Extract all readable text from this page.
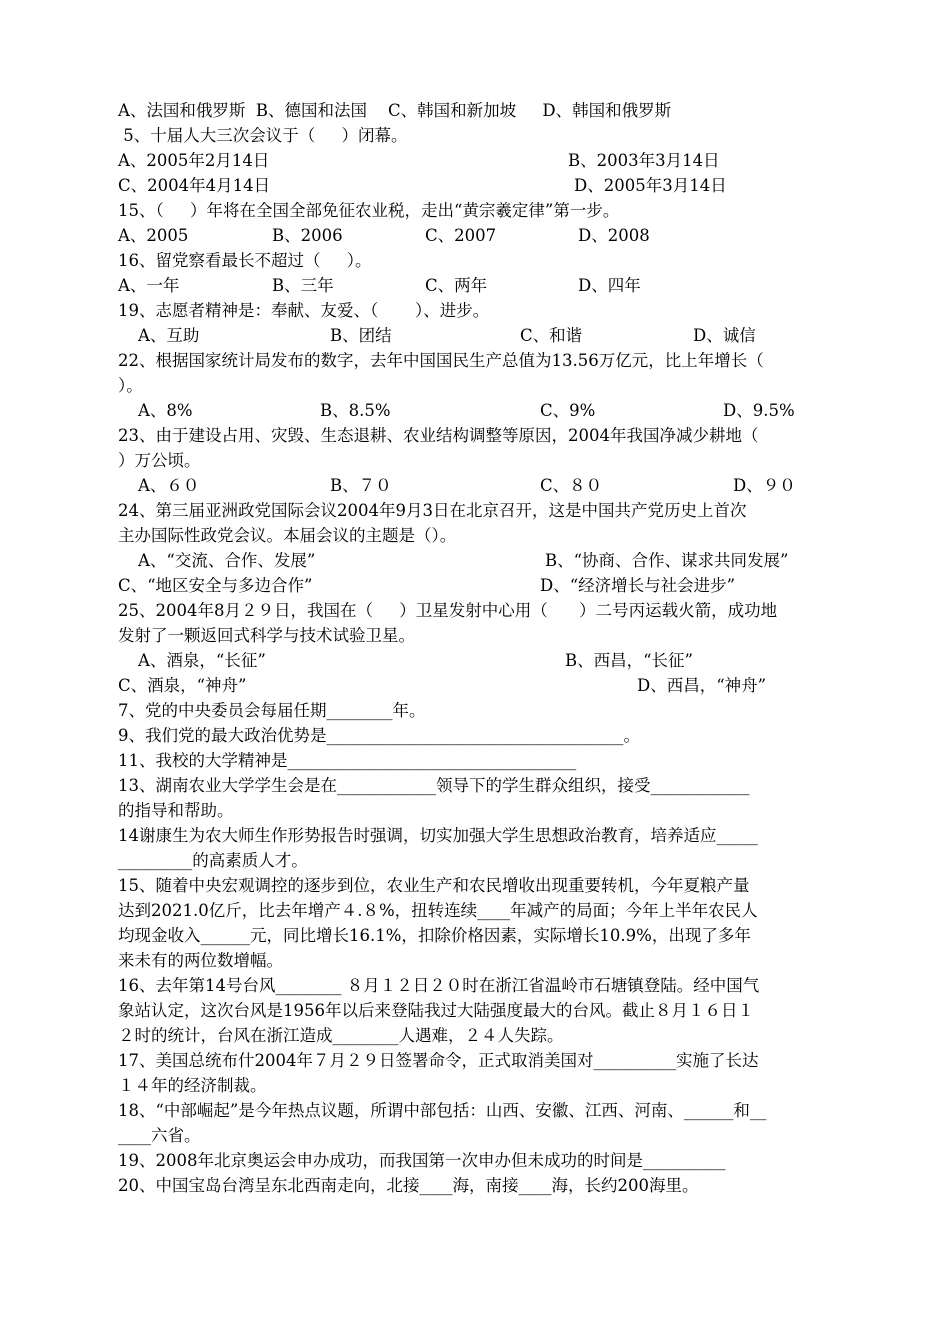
A、法国和俄罗斯  B、德国和法国    C、韩国和新加坡     D、韩国和俄罗斯
5、十届人大三次会议于（     ）闭幕。
A、2005年2月14日	B、2003年3月14日
C、2004年4月14日	D、2005年3月14日
15、（     ）年将在全国全部免征农业税，走出“黄宗羲定律”第一步。
A、2005	B、2006	C、2007	D、2008
16、留党察看最长不超过（     ）。
A、一年	B、三年	C、两年	D、四年
19、志愿者精神是：奉献、友爱、（       ）、进步。
A、互助	B、团结	C、和谐	D、诚信
22、根据国家统计局发布的数字，去年中国国民生产总值为13.56万亿元，比上年增长（
）。
A、8%	B、8.5%	C、9%	D、9.5%
23、由于建设占用、灾毁、生态退耕、农业结构调整等原因，2004年我国净减少耕地（
）万公顷。
A、６０	B、７０	C、８０	D、９０
24、第三届亚洲政党国际会议2004年9月3日在北京召开，这是中国共产党历史上首次
主办国际性政党会议。本届会议的主题是（）。
A、“交流、合作、发展”	B、“协商、合作、谋求共同发展”
C、“地区安全与多边合作”	D、“经济增长与社会进步”
25、2004年8月２９日，我国在（     ）卫星发射中心用（      ）二号丙运载火箭，成功地
发射了一颗返回式科学与技术试验卫星。
A、酒泉，“长征”	B、西昌，“长征”
C、酒泉，“神舟”	D、西昌，“神舟”
7、党的中央委员会每届任期________年。
9、我们党的最大政治优势是____________________________________。
11、我校的大学精神是___________________________________
13、湖南农业大学学生会是在____________领导下的学生群众组织，接受____________
的指导和帮助。
14谢康生为农大师生作形势报告时强调，切实加强大学生思想政治教育，培养适应_____
_________的高素质人才。
15、随着中央宏观调控的逐步到位，农业生产和农民增收出现重要转机，今年夏粮产量
达到2021.0亿斤，比去年增产４.８%，扭转连续____年减产的局面；今年上半年农民人
均现金收入______元，同比增长16.1%，扣除价格因素，实际增长10.9%，出现了多年
来未有的两位数增幅。
16、去年第14号台风________ ８月１２日２０时在浙江省温岭市石塘镇登陆。经中国气
象站认定，这次台风是1956年以后来登陆我过大陆强度最大的台风。截止８月１６日１
２时的统计，台风在浙江造成________人遇难，２４人失踪。
17、美国总统布什2004年７月２９日签署命令，正式取消美国对__________实施了长达
１４年的经济制裁。
18、“中部崛起”是今年热点议题，所谓中部包括：山西、安徽、江西、河南、______和__
____六省。
19、2008年北京奥运会申办成功，而我国第一次申办但未成功的时间是__________
20、中国宝岛台湾呈东北西南走向，北接____海，南接____海，长约200海里。
